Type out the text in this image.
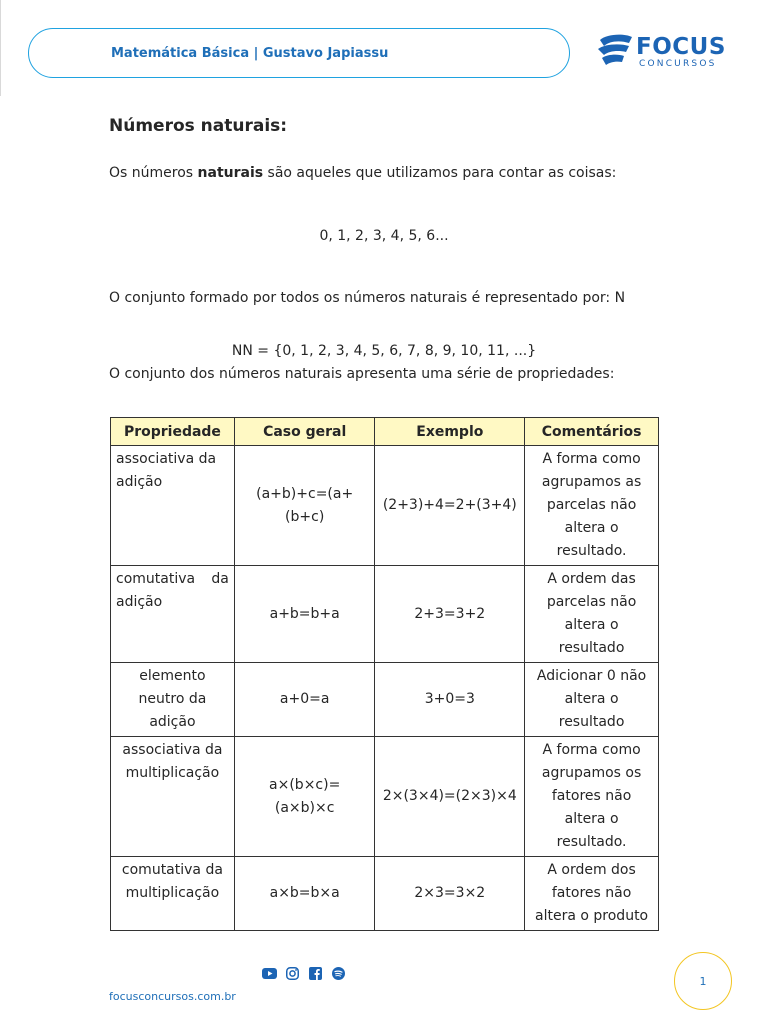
Matemática Básica | Gustavo Japiassu	FOCUS
CONCURSOS
Números naturais:

Os números naturais são aqueles que utilizamos para contar as coisas:

0, 1, 2, 3, 4, 5, 6...

O conjunto formado por todos os números naturais é representado por: N

NN = {0, 1, 2, 3, 4, 5, 6, 7, 8, 9, 10, 11, ...}

O conjunto dos números naturais apresenta uma série de propriedades:

Propriedade	Caso geral	Exemplo	Comentários
associativa da adição	(a+b)+c=(a+(b+c)	(2+3)+4=2+(3+4)	A forma como agrupamos as parcelas não altera o resultado.
comutativa da adição	a+b=b+a	2+3=3+2	A ordem das parcelas não altera o resultado
elemento neutro da adição	a+0=a	3+0=3	Adicionar 0 não altera o resultado
associativa da multiplicação	a×(b×c)=(a×b)×c	2×(3×4)=(2×3)×4	A forma como agrupamos os fatores não altera o resultado.
comutativa da multiplicação	a×b=b×a	2×3=3×2	A ordem dos fatores não altera o produto
focusconcursos.com.br
1
